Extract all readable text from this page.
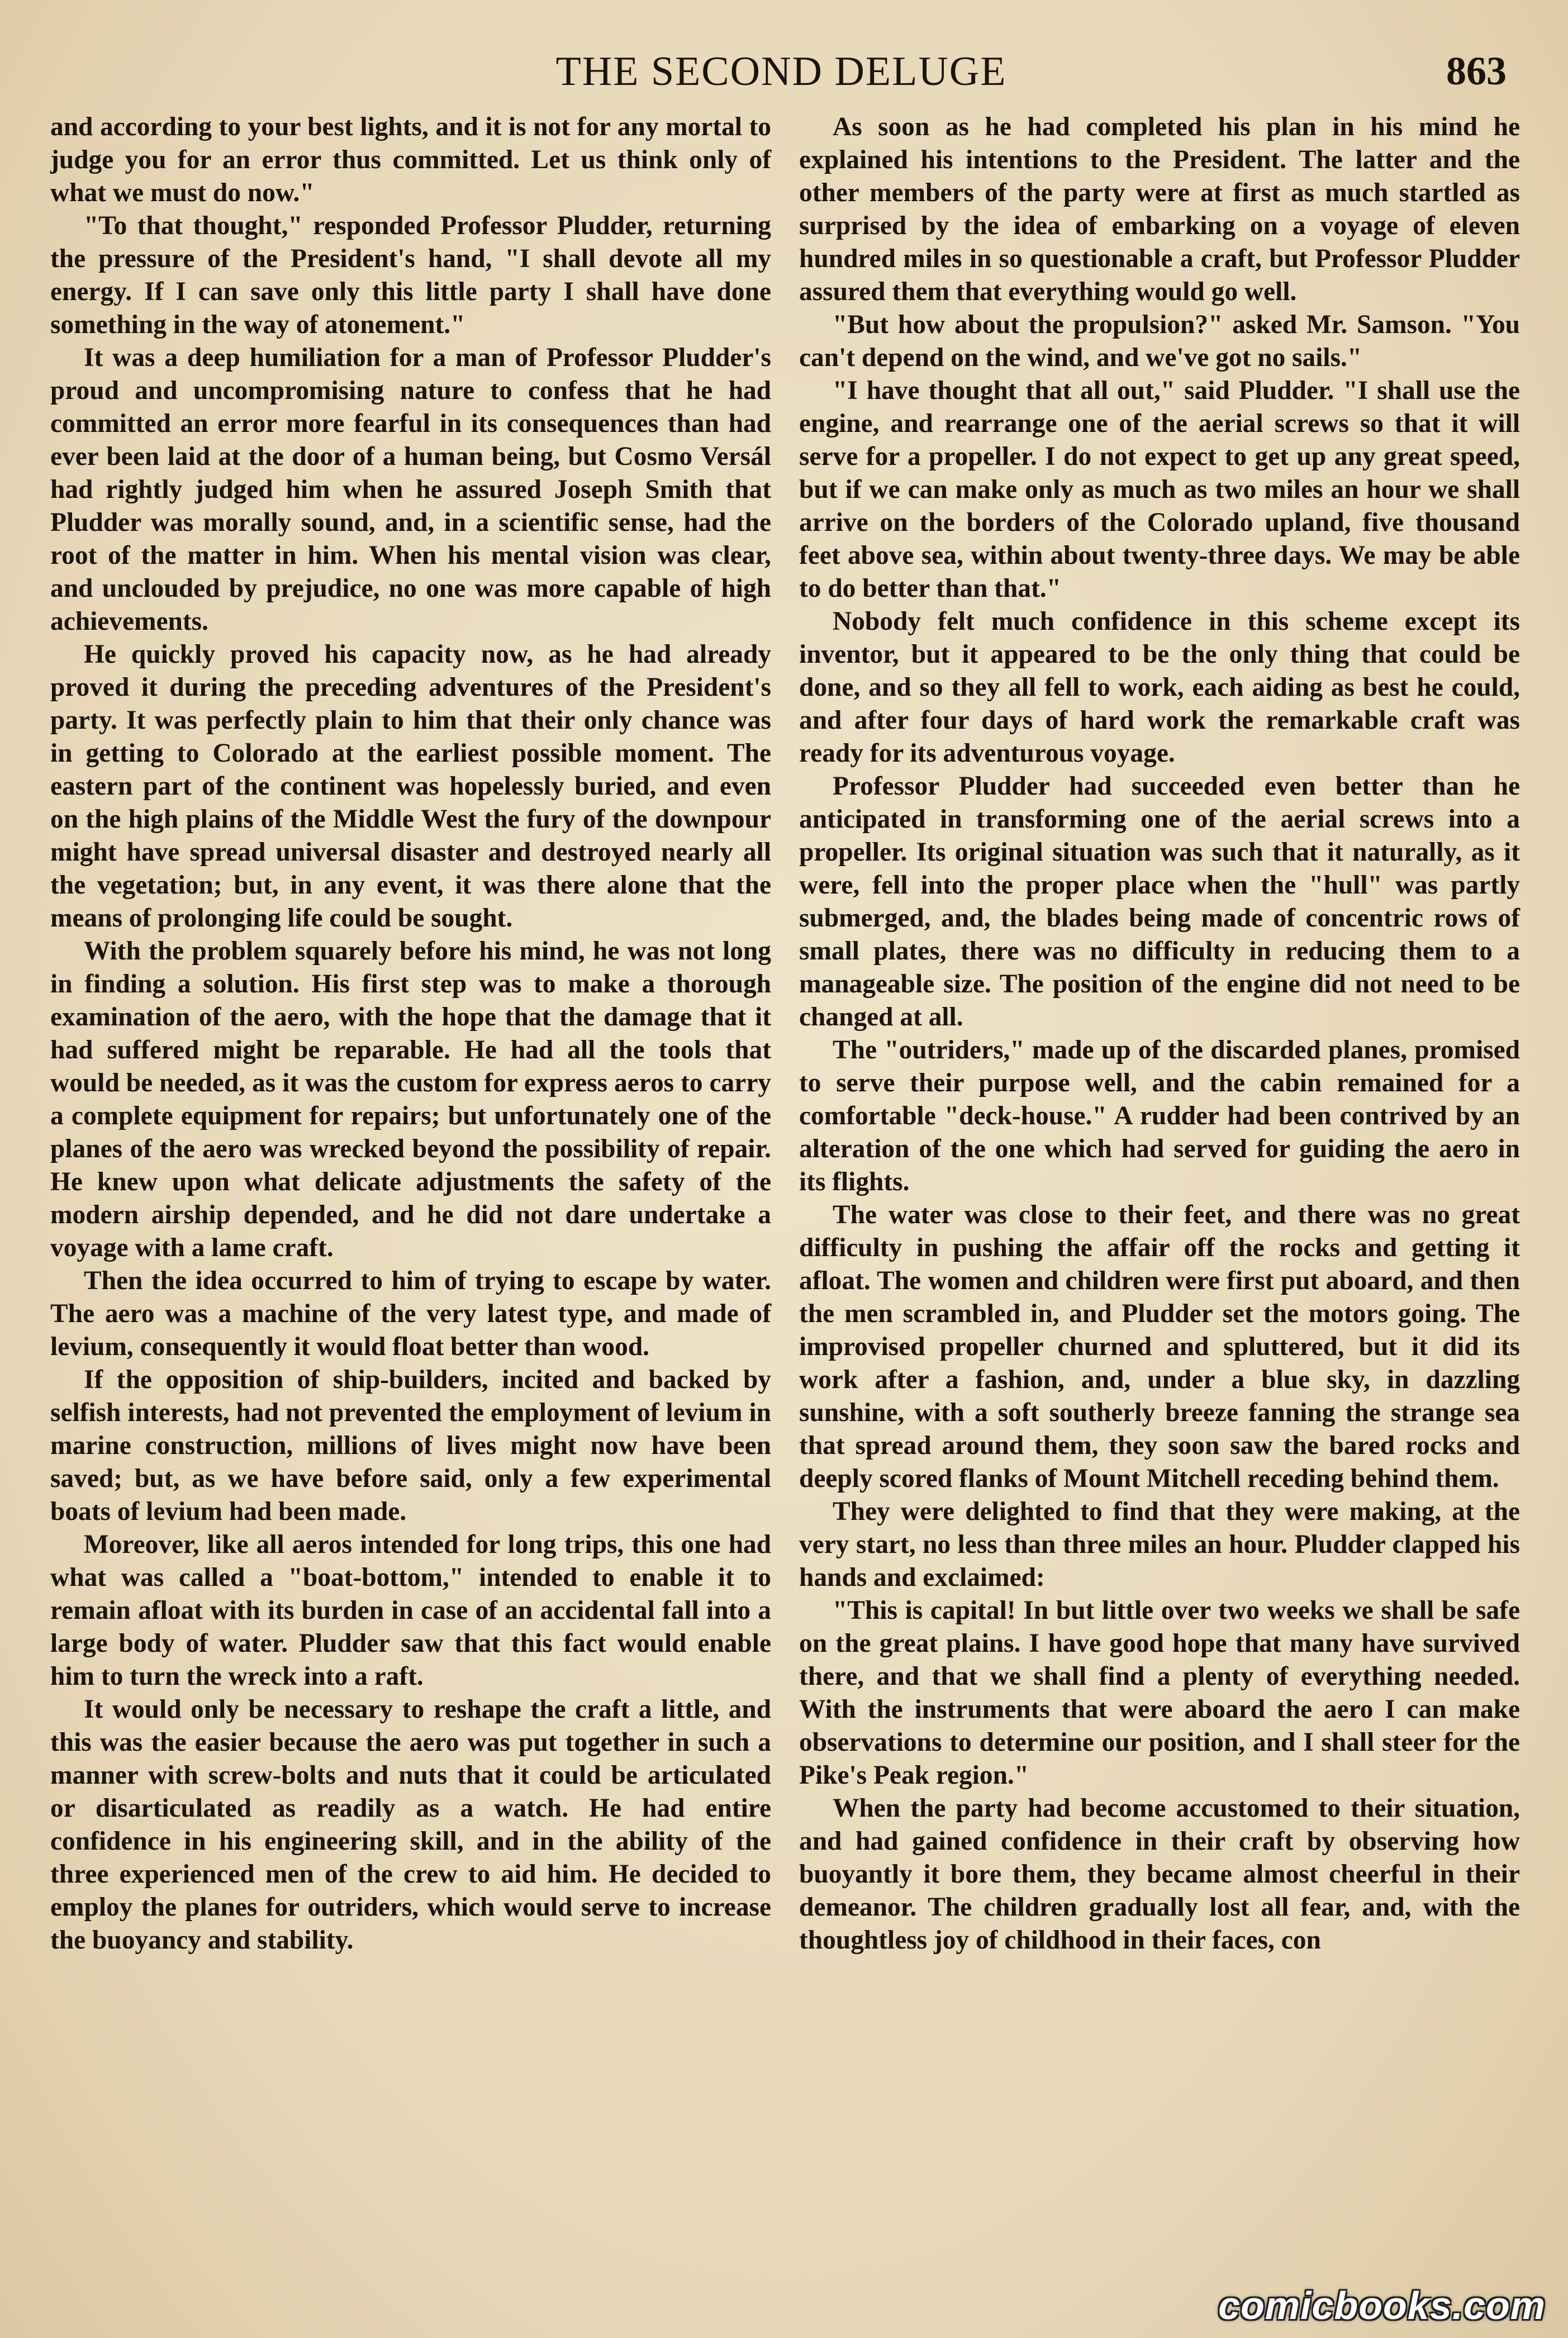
THE SECOND DELUGE	863

and according to your best lights, and it is not for any mortal to judge you for an error thus committed. Let us think only of what we must do now."

"To that thought," responded Professor Pludder, returning the pressure of the President's hand, "I shall devote all my energy. If I can save only this little party I shall have done something in the way of atonement."

It was a deep humiliation for a man of Professor Pludder's proud and uncompromising nature to confess that he had committed an error more fearful in its consequences than had ever been laid at the door of a human being, but Cosmo Versál had rightly judged him when he assured Joseph Smith that Pludder was morally sound, and, in a scientific sense, had the root of the matter in him. When his mental vision was clear, and unclouded by prejudice, no one was more capable of high achievements.

He quickly proved his capacity now, as he had already proved it during the preceding adventures of the President's party. It was perfectly plain to him that their only chance was in getting to Colorado at the earliest possible moment. The eastern part of the continent was hopelessly buried, and even on the high plains of the Middle West the fury of the downpour might have spread universal disaster and destroyed nearly all the vegetation; but, in any event, it was there alone that the means of prolonging life could be sought.

With the problem squarely before his mind, he was not long in finding a solution. His first step was to make a thorough examination of the aero, with the hope that the damage that it had suffered might be reparable. He had all the tools that would be needed, as it was the custom for express aeros to carry a complete equipment for repairs; but unfortunately one of the planes of the aero was wrecked beyond the possibility of repair. He knew upon what delicate adjustments the safety of the modern airship depended, and he did not dare undertake a voyage with a lame craft.

Then the idea occurred to him of trying to escape by water. The aero was a machine of the very latest type, and made of levium, consequently it would float better than wood.

If the opposition of ship-builders, incited and backed by selfish interests, had not prevented the employment of levium in marine construction, millions of lives might now have been saved; but, as we have before said, only a few experimental boats of levium had been made.

Moreover, like all aeros intended for long trips, this one had what was called a "boat-bottom," intended to enable it to remain afloat with its burden in case of an accidental fall into a large body of water. Pludder saw that this fact would enable him to turn the wreck into a raft.

It would only be necessary to reshape the craft a little, and this was the easier because the aero was put together in such a manner with screw-bolts and nuts that it could be articulated or disarticulated as readily as a watch. He had entire confidence in his engineering skill, and in the ability of the three experienced men of the crew to aid him. He decided to employ the planes for outriders, which would serve to increase the buoyancy and stability.

As soon as he had completed his plan in his mind he explained his intentions to the President. The latter and the other members of the party were at first as much startled as surprised by the idea of embarking on a voyage of eleven hundred miles in so questionable a craft, but Professor Pludder assured them that everything would go well.

"But how about the propulsion?" asked Mr. Samson. "You can't depend on the wind, and we've got no sails."

"I have thought that all out," said Pludder. "I shall use the engine, and rearrange one of the aerial screws so that it will serve for a propeller. I do not expect to get up any great speed, but if we can make only as much as two miles an hour we shall arrive on the borders of the Colorado upland, five thousand feet above sea, within about twenty-three days. We may be able to do better than that."

Nobody felt much confidence in this scheme except its inventor, but it appeared to be the only thing that could be done, and so they all fell to work, each aiding as best he could, and after four days of hard work the remarkable craft was ready for its adventurous voyage.

Professor Pludder had succeeded even better than he anticipated in transforming one of the aerial screws into a propeller. Its original situation was such that it naturally, as it were, fell into the proper place when the "hull" was partly submerged, and, the blades being made of concentric rows of small plates, there was no difficulty in reducing them to a manageable size. The position of the engine did not need to be changed at all.

The "outriders," made up of the discarded planes, promised to serve their purpose well, and the cabin remained for a comfortable "deck-house." A rudder had been contrived by an alteration of the one which had served for guiding the aero in its flights.

The water was close to their feet, and there was no great difficulty in pushing the affair off the rocks and getting it afloat. The women and children were first put aboard, and then the men scrambled in, and Pludder set the motors going. The improvised propeller churned and spluttered, but it did its work after a fashion, and, under a blue sky, in dazzling sunshine, with a soft southerly breeze fanning the strange sea that spread around them, they soon saw the bared rocks and deeply scored flanks of Mount Mitchell receding behind them.

They were delighted to find that they were making, at the very start, no less than three miles an hour. Pludder clapped his hands and exclaimed:

"This is capital! In but little over two weeks we shall be safe on the great plains. I have good hope that many have survived there, and that we shall find a plenty of everything needed. With the instruments that were aboard the aero I can make observations to determine our position, and I shall steer for the Pike's Peak region."

When the party had become accustomed to their situation, and had gained confidence in their craft by observing how buoyantly it bore them, they became almost cheerful in their demeanor. The children gradually lost all fear, and, with the thoughtless joy of childhood in their faces, con

comicbooks.com
